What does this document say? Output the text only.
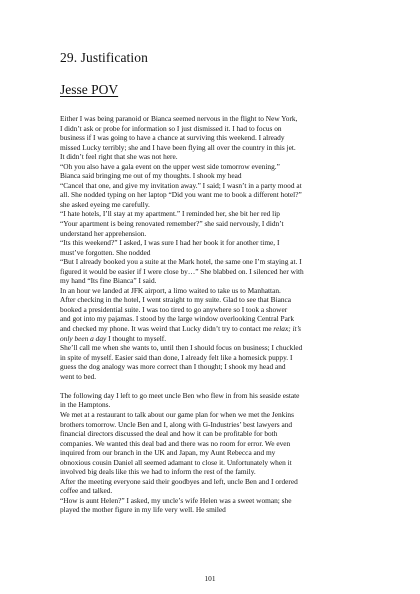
29. Justification
Jesse POV

Either I was being paranoid or Bianca seemed nervous in the flight to New York,

I didn’t ask or probe for information so I just dismissed it. I had to focus on

business if I was going to have a chance at surviving this weekend. I already

missed Lucky terribly; she and I have been flying all over the country in this jet.

It didn’t feel right that she was not here.

“Oh you also have a gala event on the upper west side tomorrow evening.”

Bianca said bringing me out of my thoughts. I shook my head

“Cancel that one, and give my invitation away.” I said; I wasn’t in a party mood at

all. She nodded typing on her laptop “Did you want me to book a different hotel?”

she asked eyeing me carefully.

“I hate hotels, I’ll stay at my apartment.” I reminded her, she bit her red lip

“Your apartment is being renovated remember?” she said nervously, I didn’t

understand her apprehension.

“Its this weekend?” I asked, I was sure I had her book it for another time, I

must’ve forgotten. She nodded

“But I already booked you a suite at the Mark hotel, the same one I’m staying at. I

figured it would be easier if I were close by…” She blabbed on. I silenced her with

my hand “Its fine Bianca” I said.

In an hour we landed at JFK airport, a limo waited to take us to Manhattan.

After checking in the hotel, I went straight to my suite. Glad to see that Bianca

booked a presidential suite. I was too tired to go anywhere so I took a shower

and got into my pajamas. I stood by the large window overlooking Central Park

and checked my phone. It was weird that Lucky didn’t try to contact me relax; it’s

only been a day I thought to myself.

She’ll call me when she wants to, until then I should focus on business; I chuckled

in spite of myself. Easier said than done, I already felt like a homesick puppy. I

guess the dog analogy was more correct than I thought; I shook my head and

went to bed.

The following day I left to go meet uncle Ben who flew in from his seaside estate

in the Hamptons.

We met at a restaurant to talk about our game plan for when we met the Jenkins

brothers tomorrow. Uncle Ben and I, along with G-Industries’ best lawyers and

financial directors discussed the deal and how it can be profitable for both

companies. We wanted this deal bad and there was no room for error. We even

inquired from our branch in the UK and Japan, my Aunt Rebecca and my

obnoxious cousin Daniel all seemed adamant to close it. Unfortunately when it

involved big deals like this we had to inform the rest of the family.

After the meeting everyone said their goodbyes and left, uncle Ben and I ordered

coffee and talked.

“How is aunt Helen?” I asked, my uncle’s wife Helen was a sweet woman; she

played the mother figure in my life very well. He smiled

101
